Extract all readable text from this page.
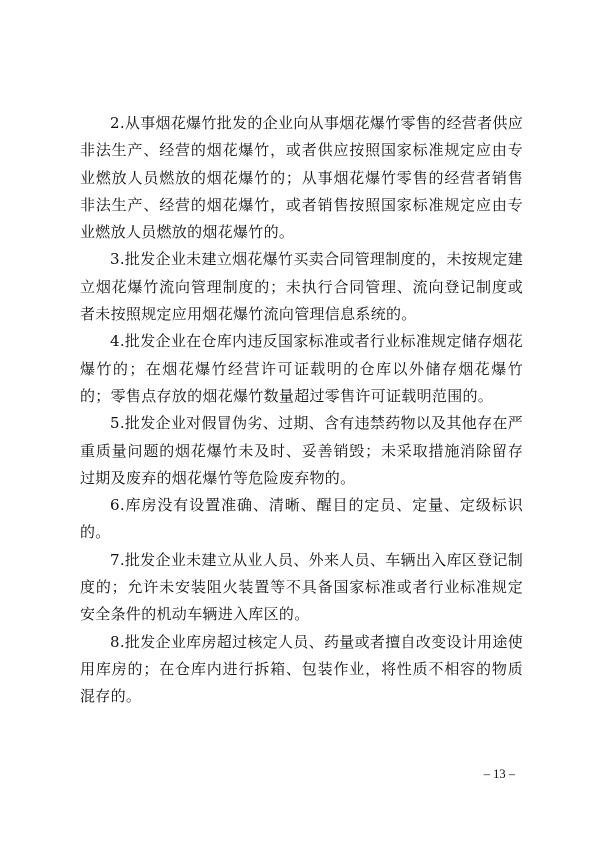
2.从事烟花爆竹批发的企业向从事烟花爆竹零售的经营者供应非法生产、经营的烟花爆竹，或者供应按照国家标准规定应由专业燃放人员燃放的烟花爆竹的；从事烟花爆竹零售的经营者销售非法生产、经营的烟花爆竹，或者销售按照国家标准规定应由专业燃放人员燃放的烟花爆竹的。

3.批发企业未建立烟花爆竹买卖合同管理制度的，未按规定建立烟花爆竹流向管理制度的；未执行合同管理、流向登记制度或者未按照规定应用烟花爆竹流向管理信息系统的。

4.批发企业在仓库内违反国家标准或者行业标准规定储存烟花爆竹的；在烟花爆竹经营许可证载明的仓库以外储存烟花爆竹的；零售点存放的烟花爆竹数量超过零售许可证载明范围的。

5.批发企业对假冒伪劣、过期、含有违禁药物以及其他存在严重质量问题的烟花爆竹未及时、妥善销毁；未采取措施消除留存过期及废弃的烟花爆竹等危险废弃物的。

6.库房没有设置准确、清晰、醒目的定员、定量、定级标识的。

7.批发企业未建立从业人员、外来人员、车辆出入库区登记制度的；允许未安装阻火装置等不具备国家标准或者行业标准规定安全条件的机动车辆进入库区的。

8.批发企业库房超过核定人员、药量或者擅自改变设计用途使用库房的；在仓库内进行拆箱、包装作业，将性质不相容的物质混存的。

– 13 –
